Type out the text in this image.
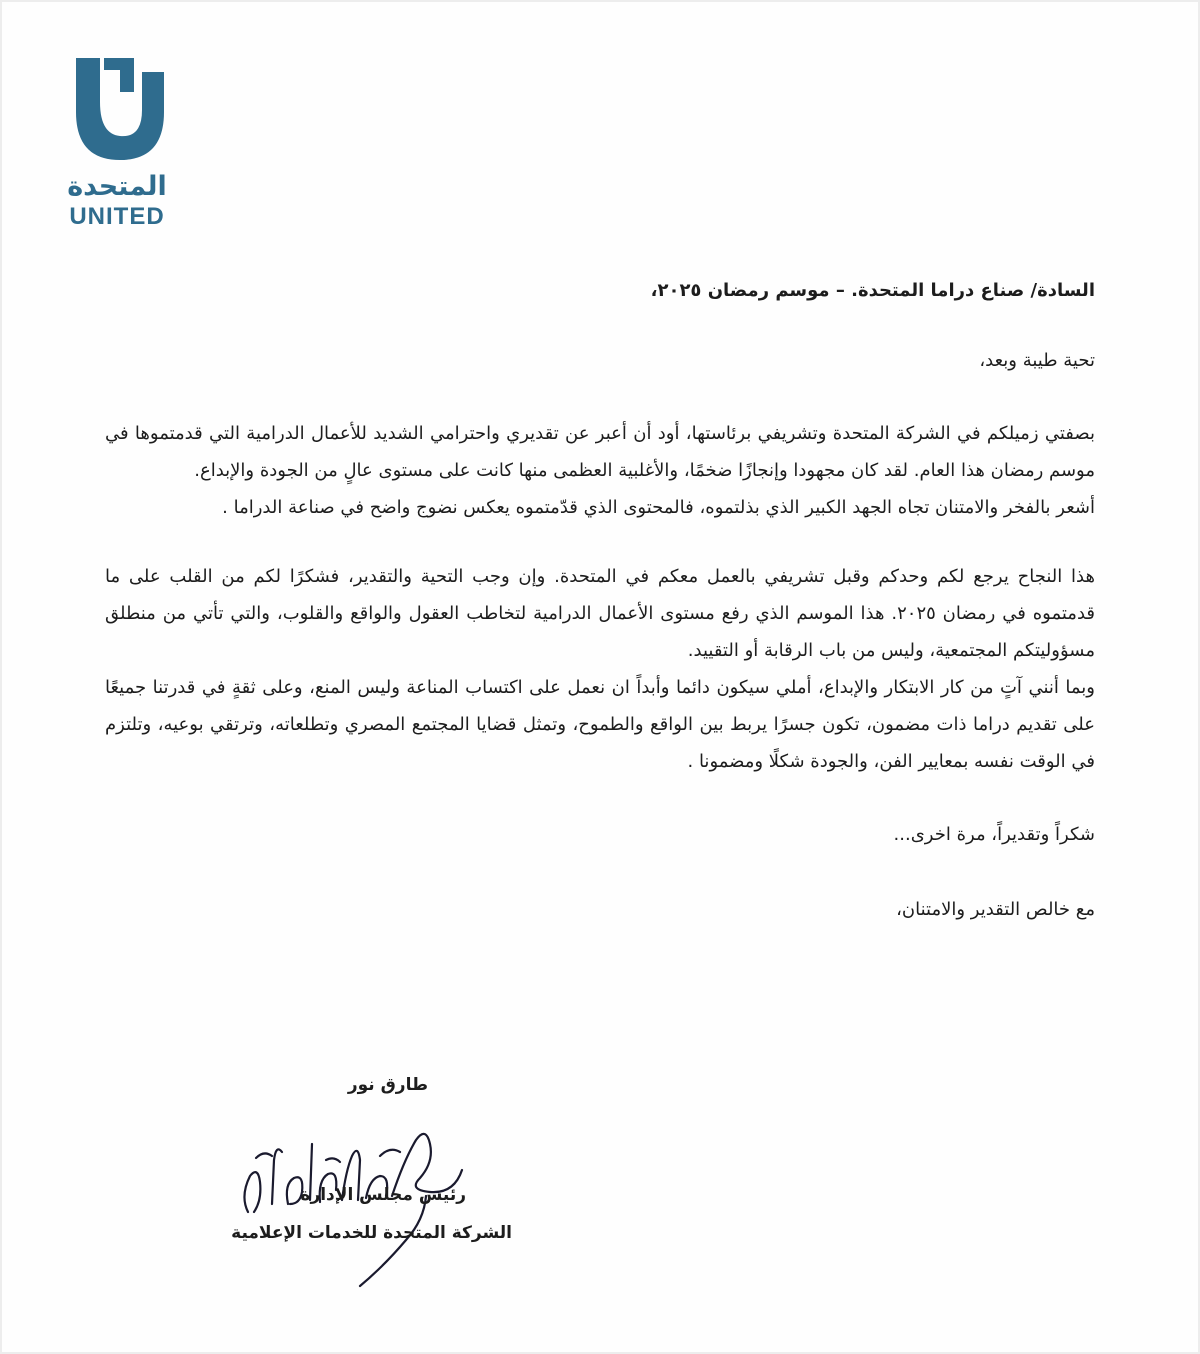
المتحدة
UNITED

السادة/ صناع دراما المتحدة. – موسم رمضان ٢٠٢٥،

تحية طيبة وبعد،

بصفتي زميلكم في الشركة المتحدة وتشريفي برئاستها، أود أن أعبر عن تقديري واحترامي الشديد للأعمال الدرامية التي قدمتموها في موسم رمضان هذا العام. لقد كان مجهودا وإنجازًا ضخمًا، والأغلبية العظمى منها كانت على مستوى عالٍ من الجودة والإبداع.

أشعر بالفخر والامتنان تجاه الجهد الكبير الذي بذلتموه، فالمحتوى الذي قدّمتموه يعكس نضوج واضح في صناعة الدراما .

هذا النجاح يرجع لكم وحدكم وقبل تشريفي بالعمل معكم في المتحدة. وإن وجب التحية والتقدير، فشكرًا لكم من القلب على ما قدمتموه في رمضان ٢٠٢٥. هذا الموسم الذي رفع مستوى الأعمال الدرامية لتخاطب العقول والواقع والقلوب، والتي تأتي من منطلق مسؤوليتكم المجتمعية، وليس من باب الرقابة أو التقييد.

وبما أنني آتٍ من كار الابتكار والإبداع، أملي سيكون دائما وأبداً ان نعمل على اكتساب المناعة وليس المنع، وعلى ثقةٍ في قدرتنا جميعًا على تقديم دراما ذات مضمون، تكون جسرًا يربط بين الواقع والطموح، وتمثل قضايا المجتمع المصري وتطلعاته، وترتقي بوعيه، وتلتزم في الوقت نفسه بمعايير الفن، والجودة شكلًا ومضمونا .

شكراً وتقديراً، مرة اخرى...

مع خالص التقدير والامتنان،

طارق نور
رئيس مجلس الإدارة
الشركة المتحدة للخدمات الإعلامية
